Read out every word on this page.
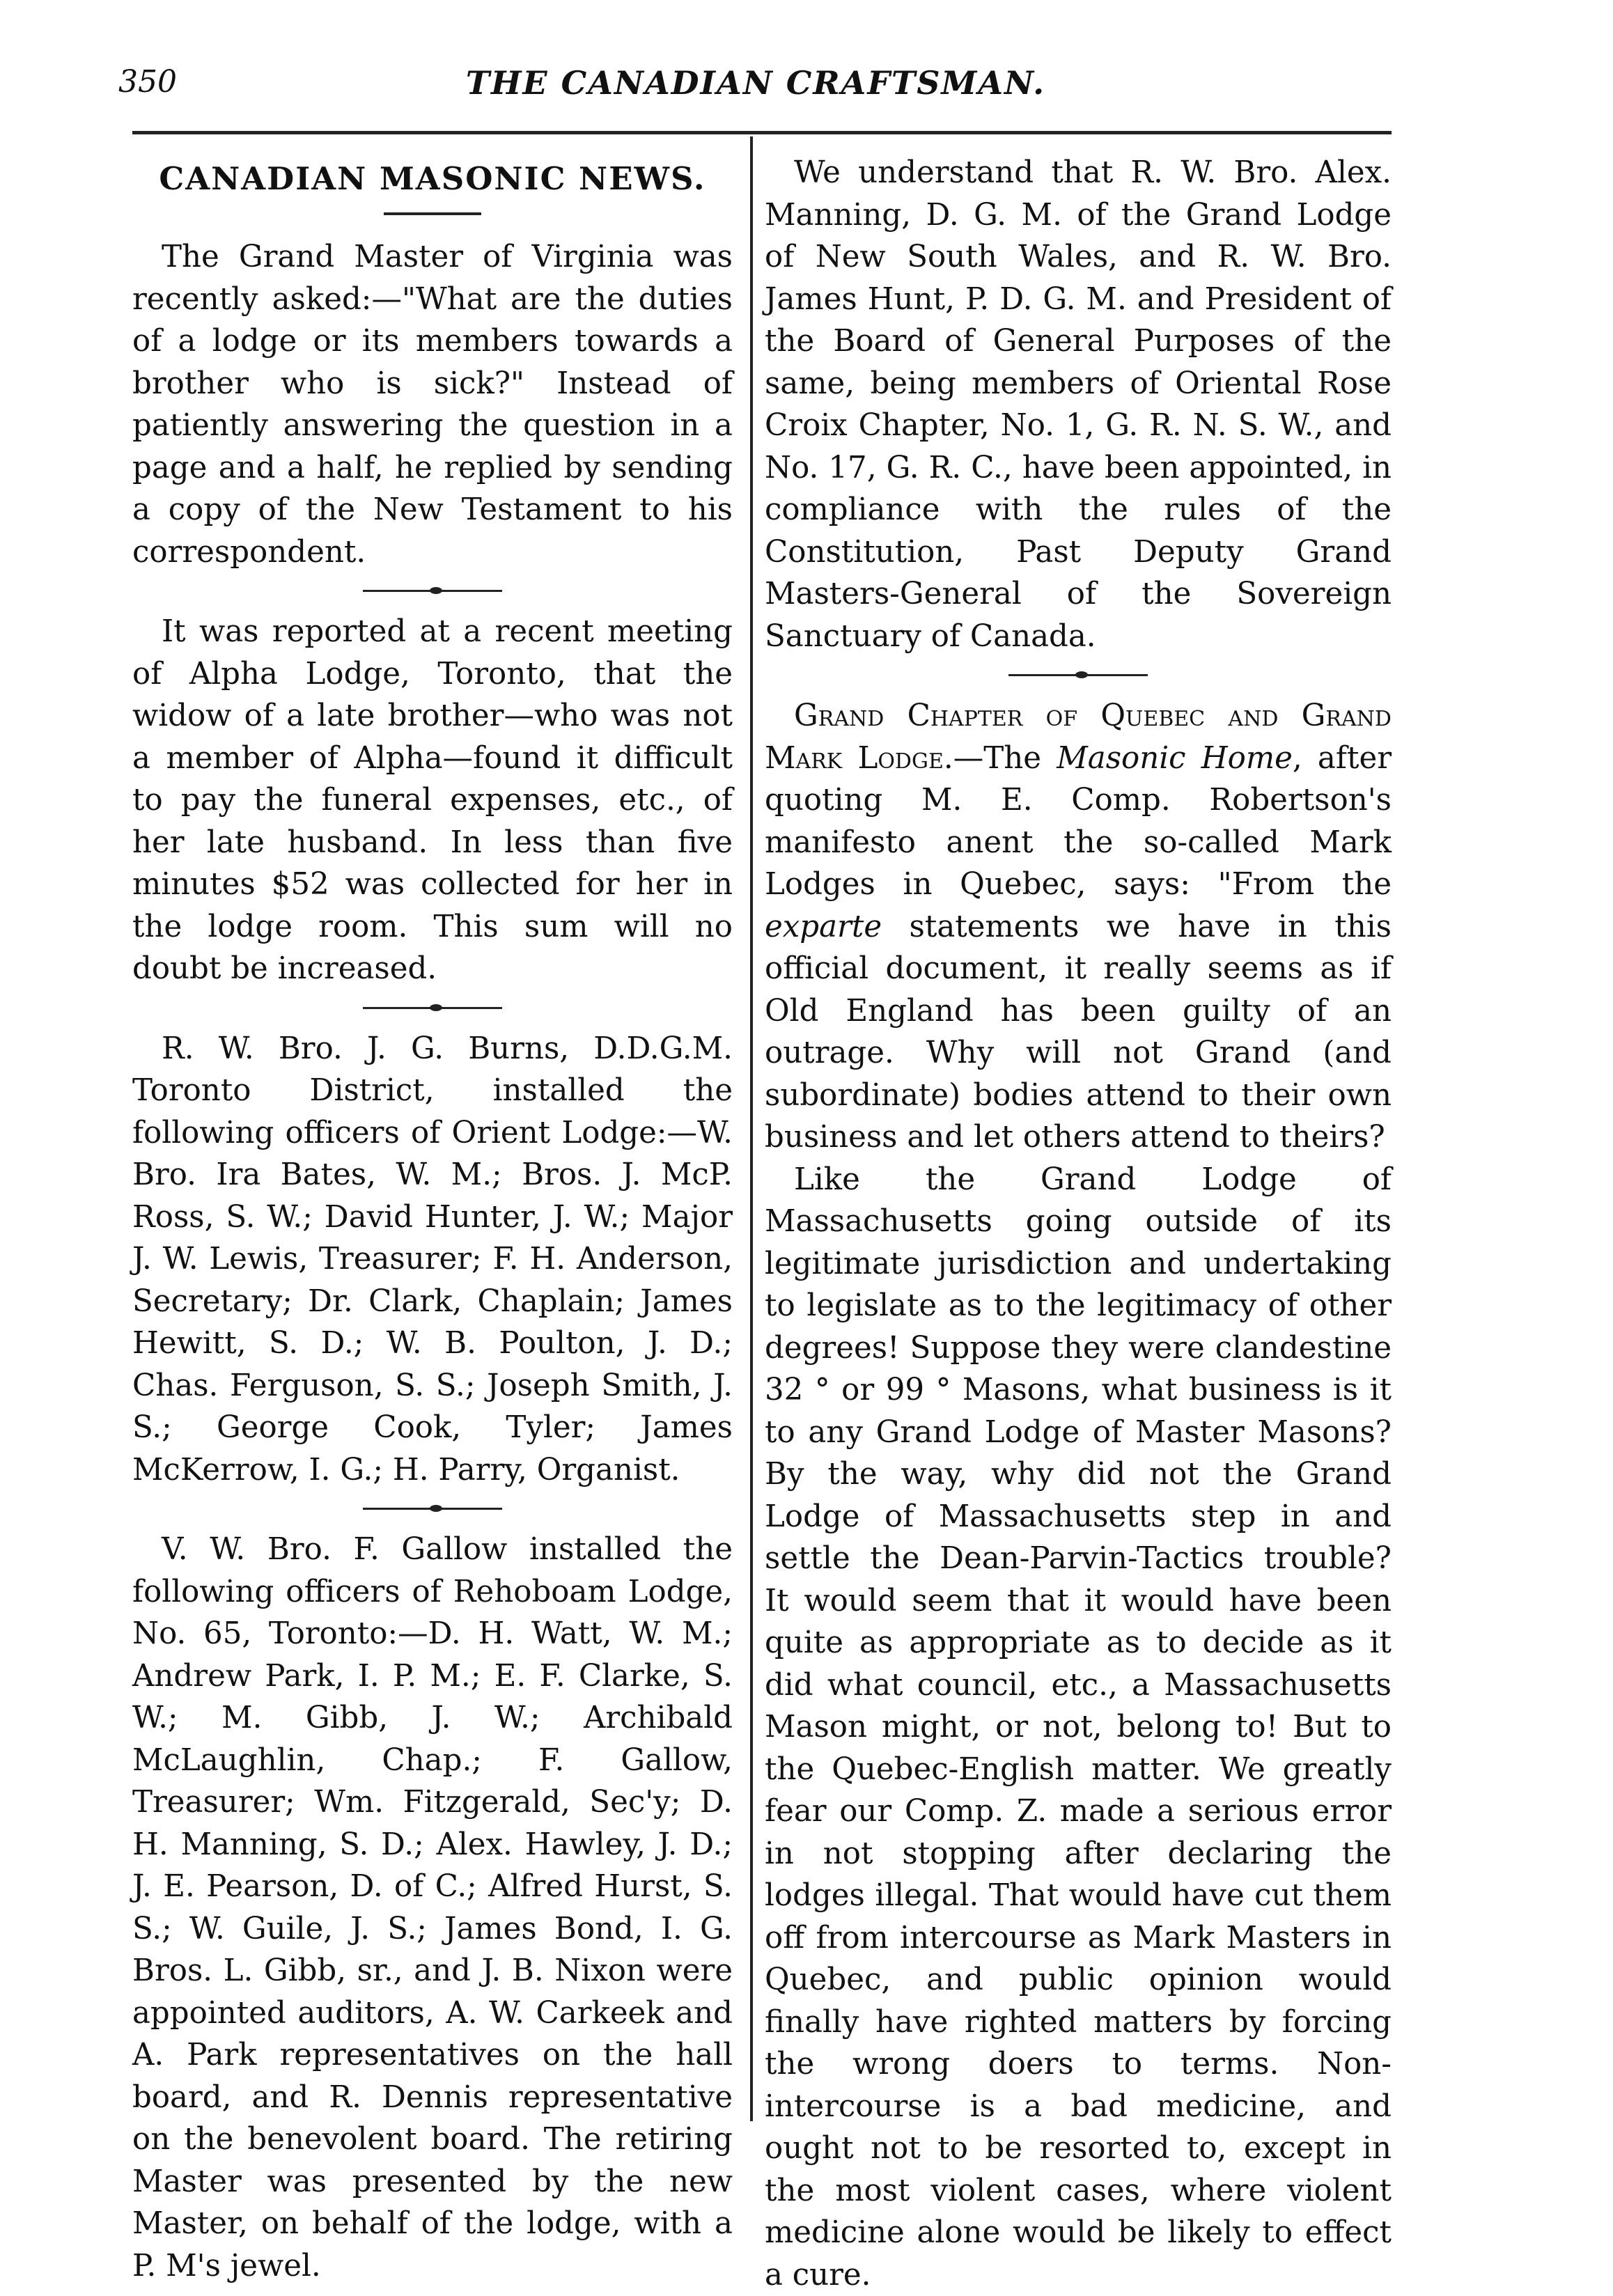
350	THE CANADIAN CRAFTSMAN.
CANADIAN MASONIC NEWS.

The Grand Master of Virginia was recently asked:—"What are the duties of a lodge or its members towards a brother who is sick?" Instead of patiently answering the question in a page and a half, he replied by sending a copy of the New Testament to his correspondent.

It was reported at a recent meeting of Alpha Lodge, Toronto, that the widow of a late brother—who was not a member of Alpha—found it difficult to pay the funeral expenses, etc., of her late husband. In less than five minutes $52 was collected for her in the lodge room. This sum will no doubt be increased.

R. W. Bro. J. G. Burns, D.D.G.M. Toronto District, installed the following officers of Orient Lodge:—W. Bro. Ira Bates, W. M.; Bros. J. McP. Ross, S. W.; David Hunter, J. W.; Major J. W. Lewis, Treasurer; F. H. Anderson, Secretary; Dr. Clark, Chaplain; James Hewitt, S. D.; W. B. Poulton, J. D.; Chas. Ferguson, S. S.; Joseph Smith, J. S.; George Cook, Tyler; James McKerrow, I. G.; H. Parry, Organist.

V. W. Bro. F. Gallow installed the following officers of Rehoboam Lodge, No. 65, Toronto:—D. H. Watt, W. M.; Andrew Park, I. P. M.; E. F. Clarke, S. W.; M. Gibb, J. W.; Archibald McLaughlin, Chap.; F. Gallow, Treasurer; Wm. Fitzgerald, Sec'y; D. H. Manning, S. D.; Alex. Hawley, J. D.; J. E. Pearson, D. of C.; Alfred Hurst, S. S.; W. Guile, J. S.; James Bond, I. G. Bros. L. Gibb, sr., and J. B. Nixon were appointed auditors, A. W. Carkeek and A. Park representatives on the hall board, and R. Dennis representative on the benevolent board. The retiring Master was presented by the new Master, on behalf of the lodge, with a P. M's jewel.

We understand that R. W. Bro. Alex. Manning, D. G. M. of the Grand Lodge of New South Wales, and R. W. Bro. James Hunt, P. D. G. M. and President of the Board of General Purposes of the same, being members of Oriental Rose Croix Chapter, No. 1, G. R. N. S. W., and No. 17, G. R. C., have been appointed, in compliance with the rules of the Constitution, Past Deputy Grand Masters-General of the Sovereign Sanctuary of Canada.

Grand Chapter of Quebec and Grand Mark Lodge.—The Masonic Home, after quoting M. E. Comp. Robertson's manifesto anent the so-called Mark Lodges in Quebec, says: "From the exparte statements we have in this official document, it really seems as if Old England has been guilty of an outrage. Why will not Grand (and subordinate) bodies attend to their own business and let others attend to theirs?

Like the Grand Lodge of Massachusetts going outside of its legitimate jurisdiction and undertaking to legislate as to the legitimacy of other degrees! Suppose they were clandestine 32 ° or 99 ° Masons, what business is it to any Grand Lodge of Master Masons? By the way, why did not the Grand Lodge of Massachusetts step in and settle the Dean-Parvin-Tactics trouble? It would seem that it would have been quite as appropriate as to decide as it did what council, etc., a Massachusetts Mason might, or not, belong to! But to the Quebec-English matter. We greatly fear our Comp. Z. made a serious error in not stopping after declaring the lodges illegal. That would have cut them off from intercourse as Mark Masters in Quebec, and public opinion would finally have righted matters by forcing the wrong doers to terms. Non-intercourse is a bad medicine, and ought not to be resorted to, except in the most violent cases, where violent medicine alone would be likely to effect a cure.
